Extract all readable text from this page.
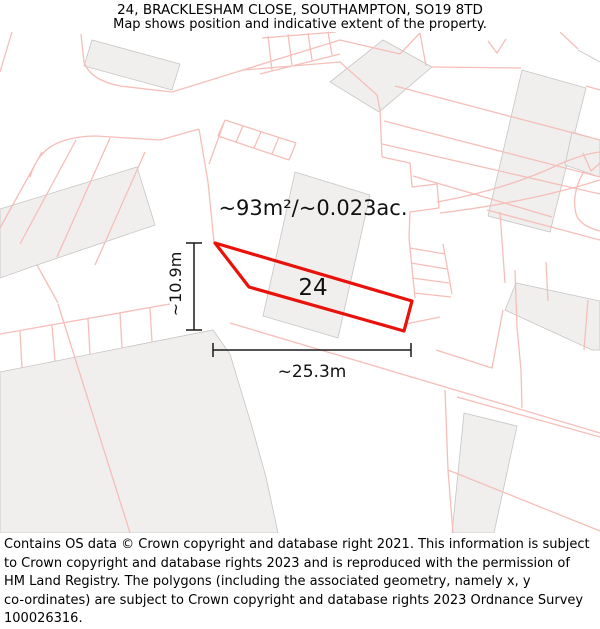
24, BRACKLESHAM CLOSE, SOUTHAMPTON, SO19 8TD
Map shows position and indicative extent of the property.
~10.9m
~25.3m
~93m²/~0.023ac.
24
Contains OS data © Crown copyright and database right 2021. This information is subject
to Crown copyright and database rights 2023 and is reproduced with the permission of
HM Land Registry. The polygons (including the associated geometry, namely x, y
co-ordinates) are subject to Crown copyright and database rights 2023 Ordnance Survey
100026316.
